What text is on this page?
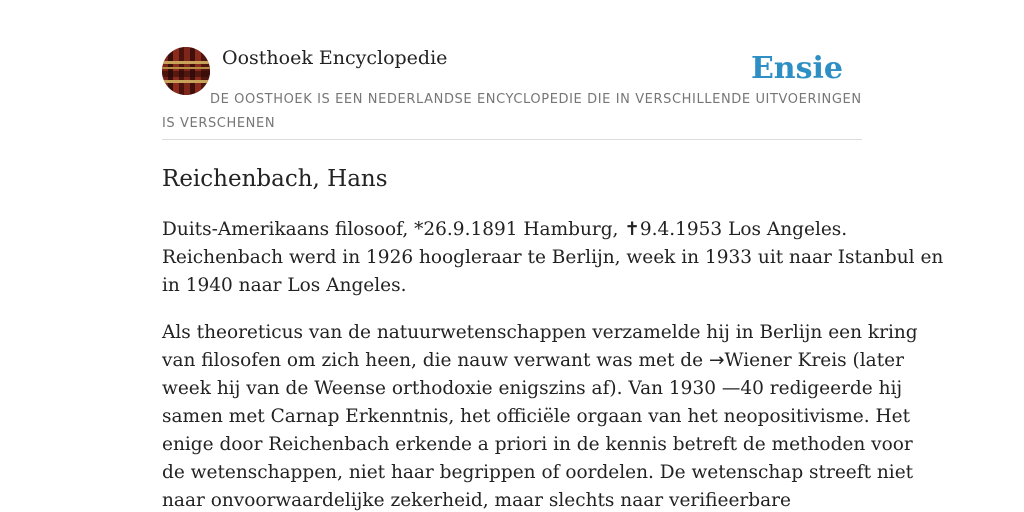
Oosthoek Encyclopedie	Ensie
DE OOSTHOEK IS EEN NEDERLANDSE ENCYCLOPEDIE DIE IN VERSCHILLENDE UITVOERINGEN IS VERSCHENEN
Reichenbach, Hans

Duits-Amerikaans filosoof, *26.9.1891 Hamburg, ✝9.4.1953 Los Angeles.
Reichenbach werd in 1926 hoogleraar te Berlijn, week in 1933 uit naar Istanbul en
in 1940 naar Los Angeles.

Als theoreticus van de natuurwetenschappen verzamelde hij in Berlijn een kring
van filosofen om zich heen, die nauw verwant was met de →Wiener Kreis (later
week hij van de Weense orthodoxie enigszins af). Van 1930 —40 redigeerde hij
samen met Carnap Erkenntnis, het officiële orgaan van het neopositivisme. Het
enige door Reichenbach erkende a priori in de kennis betreft de methoden voor
de wetenschappen, niet haar begrippen of oordelen. De wetenschap streeft niet
naar onvoorwaardelijke zekerheid, maar slechts naar verifieerbare
